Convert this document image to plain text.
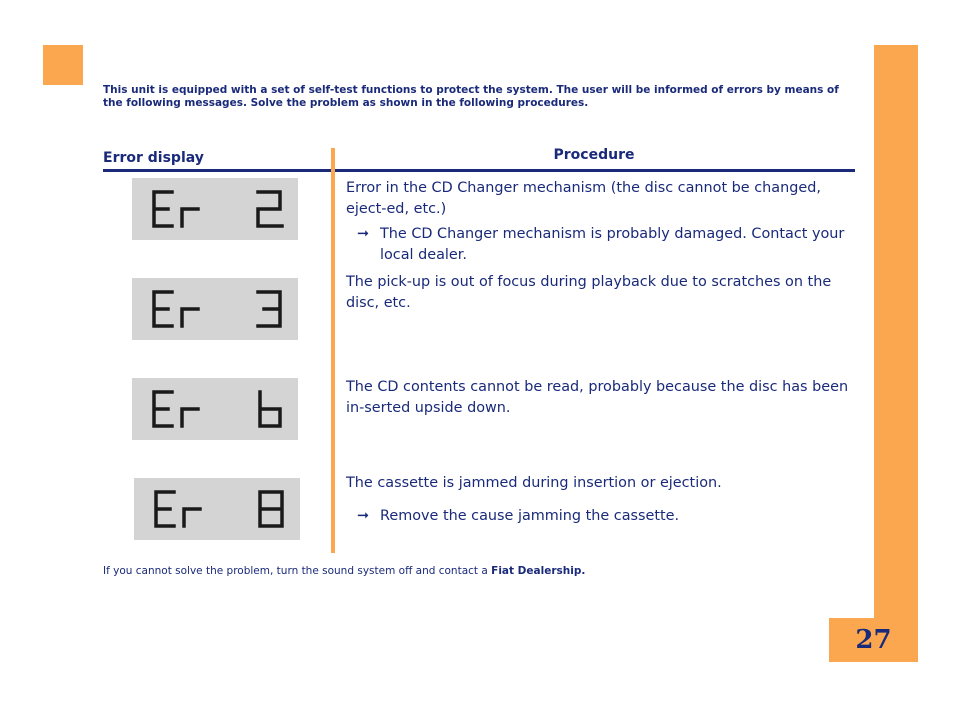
27
This unit is equipped with a set of self-test functions to protect the system. The user will be informed of errors by means of the following messages. Solve the problem as shown in the following procedures.
Error display	Procedure

Error in the CD Changer mechanism (the disc cannot be changed, eject-ed, etc.)

➞ The CD Changer mechanism is probably damaged. Contact your local dealer.

The pick-up is out of focus during playback due to scratches on the disc, etc.

The CD contents cannot be read, probably because the disc has been in-serted upside down.

The cassette is jammed during insertion or ejection.

➞ Remove the cause jamming the cassette.
If you cannot solve the problem, turn the sound system off and contact a Fiat Dealership.
